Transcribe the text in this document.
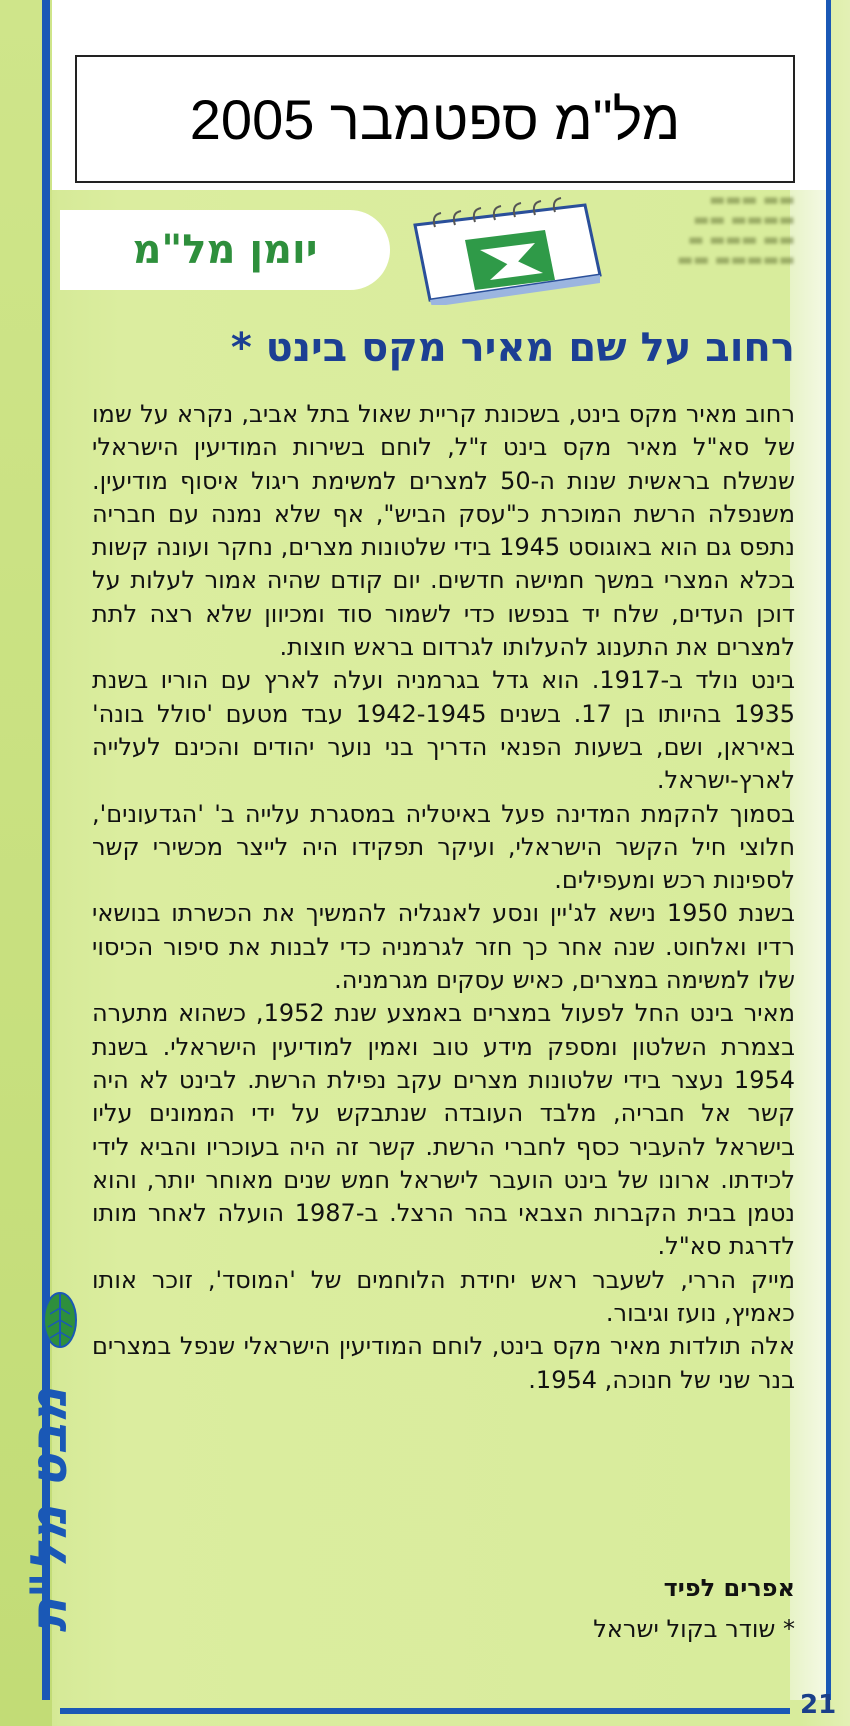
מל"מ ספטמבר 2005
יומן מל"מ
▬▬ ▬▬▬
▬▬▬▬ ▬▬
▬▬ ▬▬▬ ▬
▬▬▬▬▬ ▬▬
רחוב על שם מאיר מקס בינט *

רחוב מאיר מקס בינט, בשכונת קריית שאול בתל אביב, נקרא על שמו של סא"ל מאיר מקס בינט ז"ל, לוחם בשירות המודיעין הישראלי שנשלח בראשית שנות ה-50 למצרים למשימת ריגול איסוף מודיעין. משנפלה הרשת המוכרת כ"עסק הביש", אף שלא נמנה עם חבריה נתפס גם הוא באוגוסט 1945 בידי שלטונות מצרים, נחקר ועונה קשות בכלא המצרי במשך חמישה חדשים. יום קודם שהיה אמור לעלות על דוכן העדים, שלח יד בנפשו כדי לשמור סוד ומכיוון שלא רצה לתת למצרים את התענוג להעלותו לגרדום בראש חוצות.

בינט נולד ב-1917. הוא גדל בגרמניה ועלה לארץ עם הוריו בשנת 1935 בהיותו בן 17. בשנים 1942-1945 עבד מטעם 'סולל בונה' באיראן, ושם, בשעות הפנאי הדריך בני נוער יהודים והכינם לעלייה לארץ-ישראל.

בסמוך להקמת המדינה פעל באיטליה במסגרת עלייה ב' 'הגדעונים', חלוצי חיל הקשר הישראלי, ועיקר תפקידו היה לייצר מכשירי קשר לספינות רכש ומעפילים.

בשנת 1950 נישא לג'יין ונסע לאנגליה להמשיך את הכשרתו בנושאי רדיו ואלחוט. שנה אחר כך חזר לגרמניה כדי לבנות את סיפור הכיסוי שלו למשימה במצרים, כאיש עסקים מגרמניה.

מאיר בינט החל לפעול במצרים באמצע שנת 1952, כשהוא מתערה בצמרת השלטון ומספק מידע טוב ואמין למודיעין הישראלי. בשנת 1954 נעצר בידי שלטונות מצרים עקב נפילת הרשת. לבינט לא היה קשר אל חבריה, מלבד העובדה שנתבקש על ידי הממונים עליו בישראל להעביר כסף לחברי הרשת. קשר זה היה בעוכריו והביא לידי לכידתו. ארונו של בינט הועבר לישראל חמש שנים מאוחר יותר, והוא נטמן בבית הקברות הצבאי בהר הרצל. ב-1987 הועלה לאחר מותו לדרגת סא"ל.

מייק הררי, לשעבר ראש יחידת הלוחמים של 'המוסד', זוכר אותו כאמיץ, נועז וגיבור.

אלה תולדות מאיר מקס בינט, לוחם המודיעין הישראלי שנפל במצרים בנר שני של חנוכה, 1954.

אפרים לפיד
* שודר בקול ישראל
מבט מל"ת
21
